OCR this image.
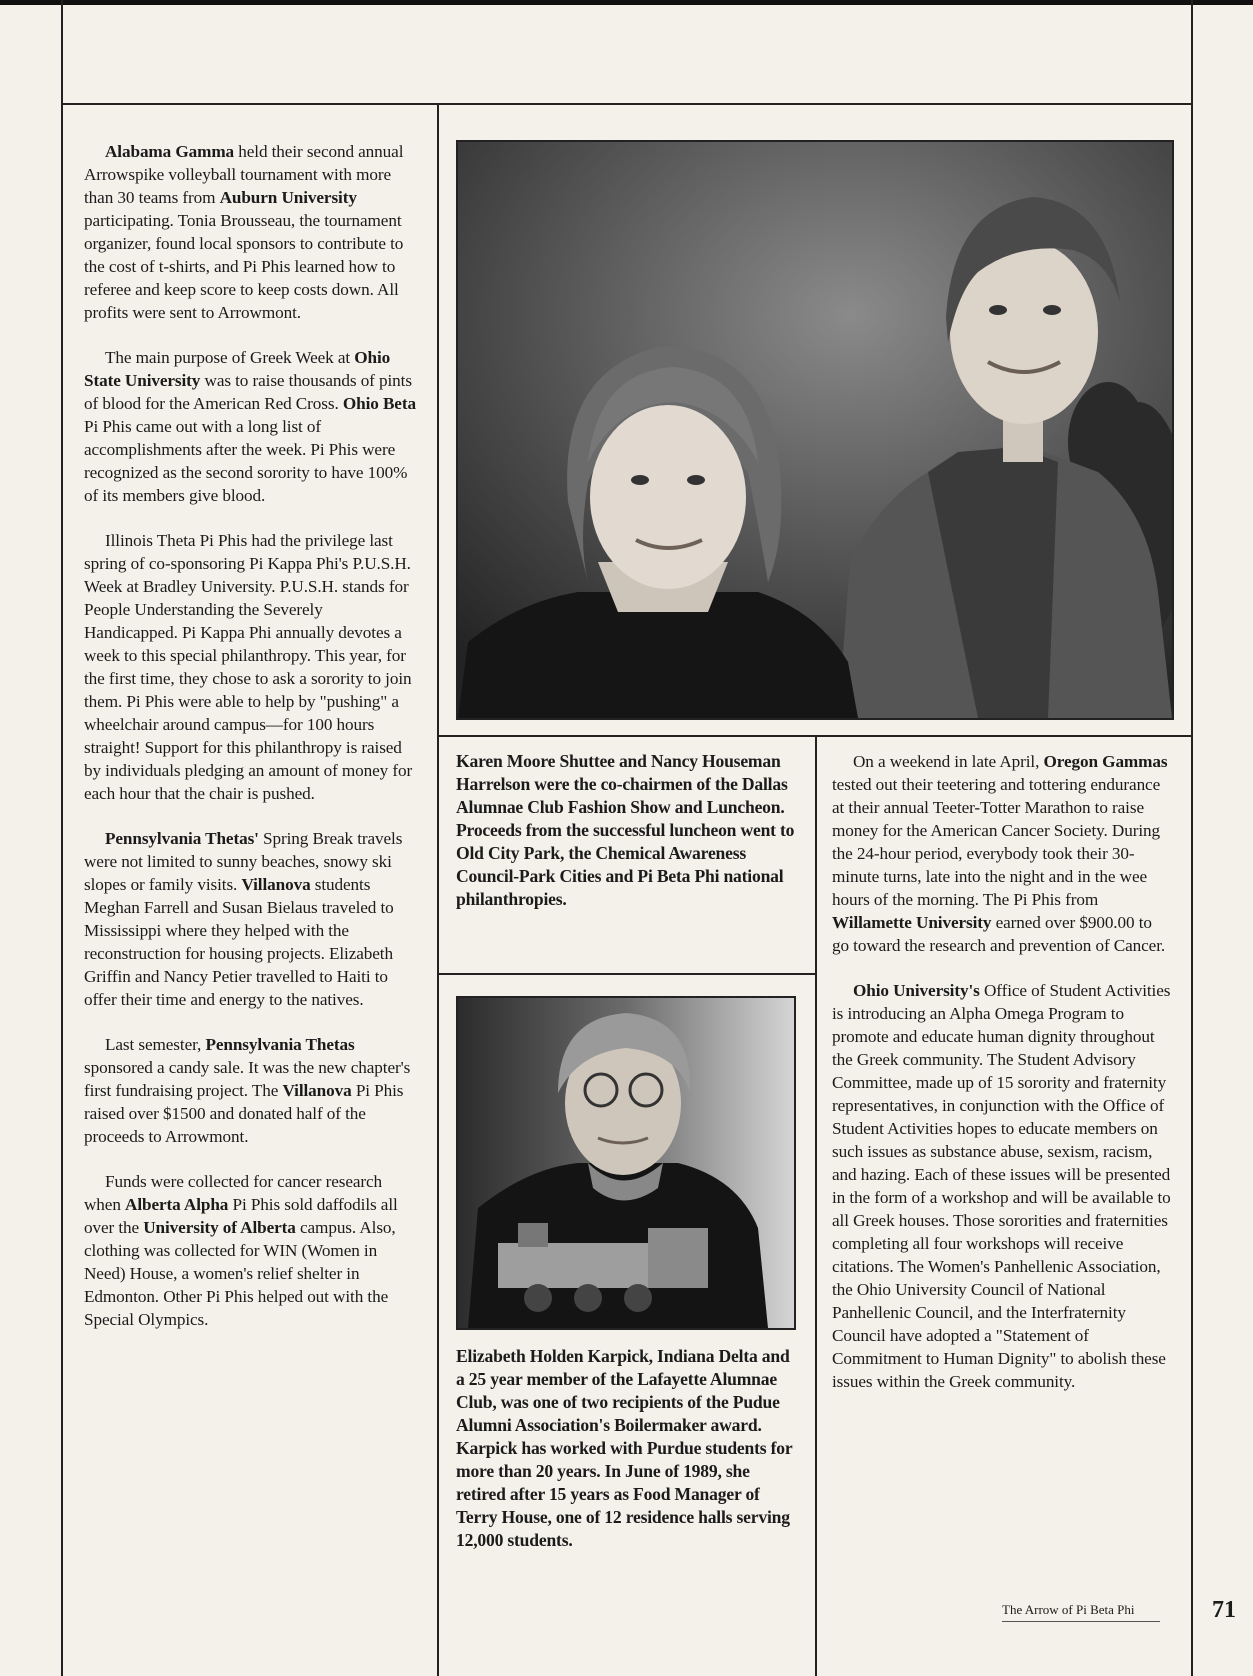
Alabama Gamma held their second annual Arrowspike volleyball tournament with more than 30 teams from Auburn University participating. Tonia Brousseau, the tournament organizer, found local sponsors to contribute to the cost of t-shirts, and Pi Phis learned how to referee and keep score to keep costs down. All profits were sent to Arrowmont.

The main purpose of Greek Week at Ohio State University was to raise thousands of pints of blood for the American Red Cross. Ohio Beta Pi Phis came out with a long list of accomplishments after the week. Pi Phis were recognized as the second sorority to have 100% of its members give blood.

Illinois Theta Pi Phis had the privilege last spring of co-sponsoring Pi Kappa Phi's P.U.S.H. Week at Bradley University. P.U.S.H. stands for People Understanding the Severely Handicapped. Pi Kappa Phi annually devotes a week to this special philanthropy. This year, for the first time, they chose to ask a sorority to join them. Pi Phis were able to help by "pushing" a wheelchair around campus—for 100 hours straight! Support for this philanthropy is raised by individuals pledging an amount of money for each hour that the chair is pushed.

Pennsylvania Thetas' Spring Break travels were not limited to sunny beaches, snowy ski slopes or family visits. Villanova students Meghan Farrell and Susan Bielaus traveled to Mississippi where they helped with the reconstruction for housing projects. Elizabeth Griffin and Nancy Petier travelled to Haiti to offer their time and energy to the natives.

Last semester, Pennsylvania Thetas sponsored a candy sale. It was the new chapter's first fundraising project. The Villanova Pi Phis raised over $1500 and donated half of the proceeds to Arrowmont.

Funds were collected for cancer research when Alberta Alpha Pi Phis sold daffodils all over the University of Alberta campus. Also, clothing was collected for WIN (Women in Need) House, a women's relief shelter in Edmonton. Other Pi Phis helped out with the Special Olympics.

Karen Moore Shuttee and Nancy Houseman Harrelson were the co-chairmen of the Dallas Alumnae Club Fashion Show and Luncheon. Proceeds from the successful luncheon went to Old City Park, the Chemical Awareness Council-Park Cities and Pi Beta Phi national philanthropies.

Elizabeth Holden Karpick, Indiana Delta and a 25 year member of the Lafayette Alumnae Club, was one of two recipients of the Pudue Alumni Association's Boilermaker award. Karpick has worked with Purdue students for more than 20 years. In June of 1989, she retired after 15 years as Food Manager of Terry House, one of 12 residence halls serving 12,000 students.

On a weekend in late April, Oregon Gammas tested out their teetering and tottering endurance at their annual Teeter-Totter Marathon to raise money for the American Cancer Society. During the 24-hour period, everybody took their 30-minute turns, late into the night and in the wee hours of the morning. The Pi Phis from Willamette University earned over $900.00 to go toward the research and prevention of Cancer.

Ohio University's Office of Student Activities is introducing an Alpha Omega Program to promote and educate human dignity throughout the Greek community. The Student Advisory Committee, made up of 15 sorority and fraternity representatives, in conjunction with the Office of Student Activities hopes to educate members on such issues as substance abuse, sexism, racism, and hazing. Each of these issues will be presented in the form of a workshop and will be available to all Greek houses. Those sororities and fraternities completing all four workshops will receive citations. The Women's Panhellenic Association, the Ohio University Council of National Panhellenic Council, and the Interfraternity Council have adopted a "Statement of Commitment to Human Dignity" to abolish these issues within the Greek community.

The Arrow of Pi Beta Phi	71
